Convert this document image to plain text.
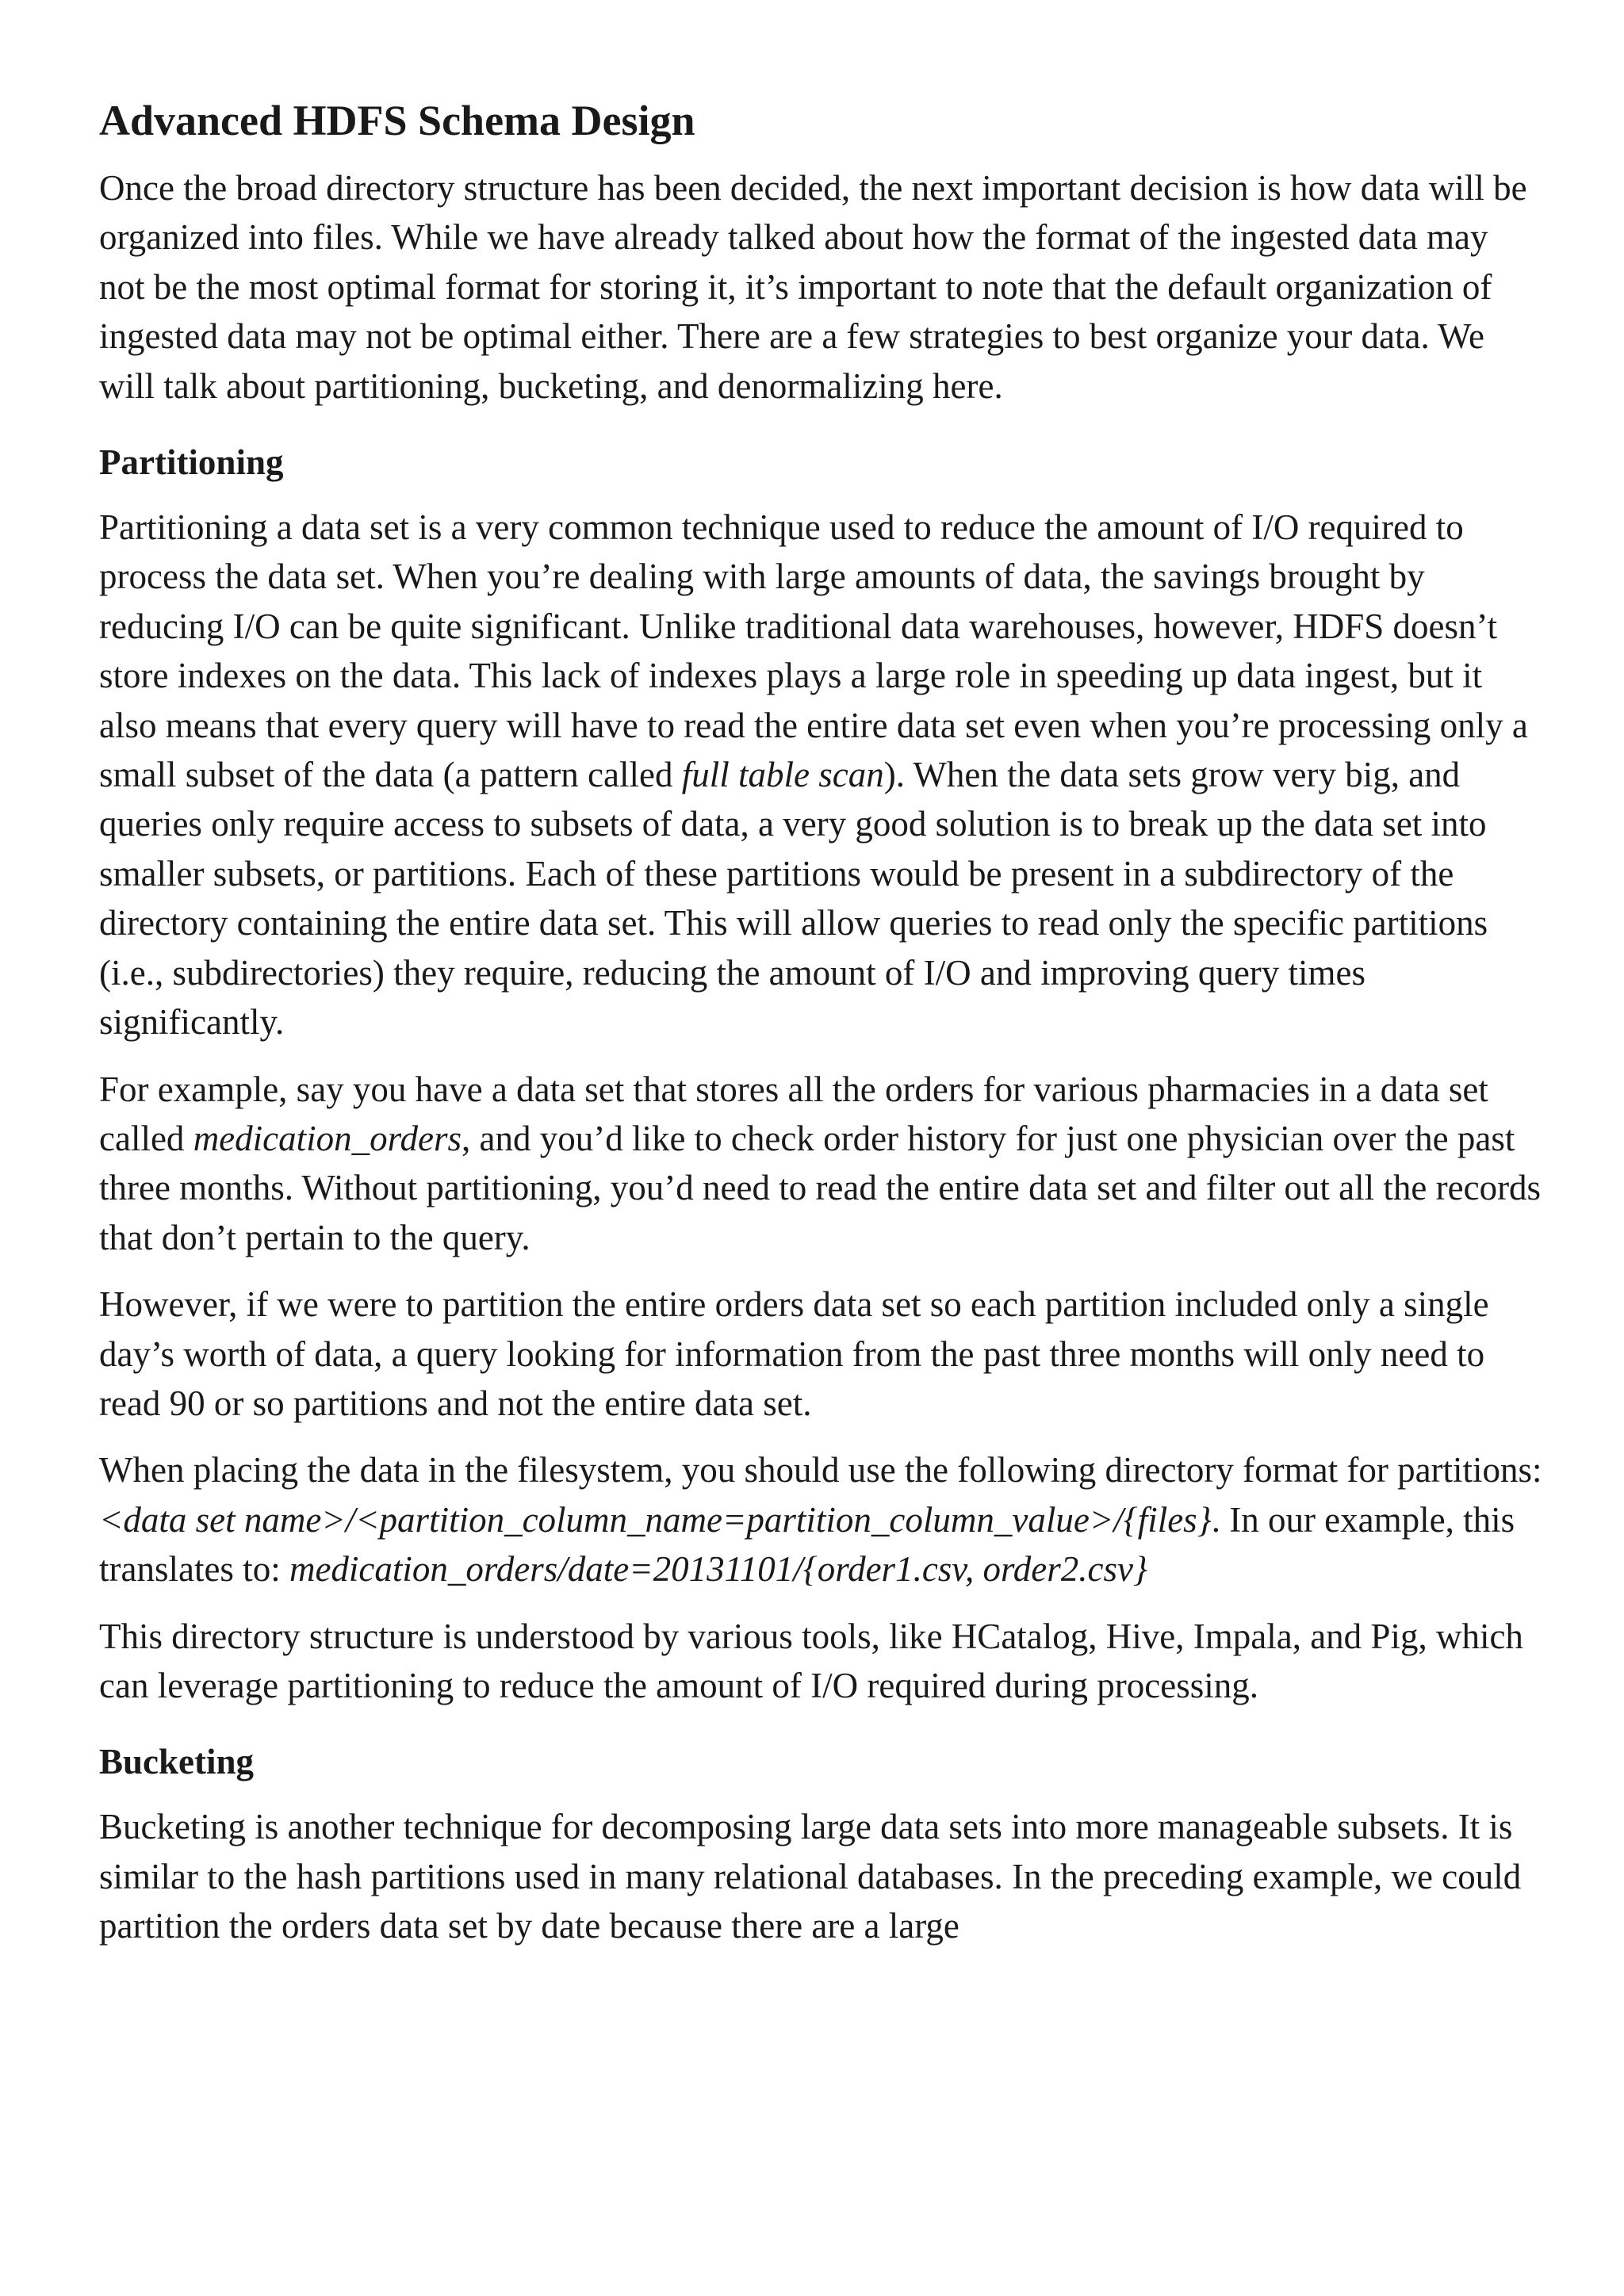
Advanced HDFS Schema Design

Once the broad directory structure has been decided, the next important decision is how data will be organized into files. While we have already talked about how the format of the ingested data may not be the most optimal format for storing it, it’s important to note that the default organization of ingested data may not be optimal either. There are a few strategies to best organize your data. We will talk about partitioning, bucketing, and denormalizing here.

Partitioning

Partitioning a data set is a very common technique used to reduce the amount of I/O required to process the data set. When you’re dealing with large amounts of data, the savings brought by reducing I/O can be quite significant. Unlike traditional data warehouses, however, HDFS doesn’t store indexes on the data. This lack of indexes plays a large role in speeding up data ingest, but it also means that every query will have to read the entire data set even when you’re processing only a small subset of the data (a pattern called full table scan). When the data sets grow very big, and queries only require access to subsets of data, a very good solution is to break up the data set into smaller subsets, or partitions. Each of these partitions would be present in a subdirectory of the directory containing the entire data set. This will allow queries to read only the specific partitions (i.e., subdirectories) they require, reducing the amount of I/O and improving query times significantly.

For example, say you have a data set that stores all the orders for various pharmacies in a data set called medication_orders, and you’d like to check order history for just one physician over the past three months. Without partitioning, you’d need to read the entire data set and filter out all the records that don’t pertain to the query.

However, if we were to partition the entire orders data set so each partition included only a single day’s worth of data, a query looking for information from the past three months will only need to read 90 or so partitions and not the entire data set.

When placing the data in the filesystem, you should use the following directory format for partitions: <data set name>/<partition_column_name=partition_column_value>/{files}. In our example, this translates to: medication_orders/date=20131101/{order1.csv, order2.csv}

This directory structure is understood by various tools, like HCatalog, Hive, Impala, and Pig, which can leverage partitioning to reduce the amount of I/O required during processing.

Bucketing

Bucketing is another technique for decomposing large data sets into more manageable subsets. It is similar to the hash partitions used in many relational databases. In the preceding example, we could partition the orders data set by date because there are a large
